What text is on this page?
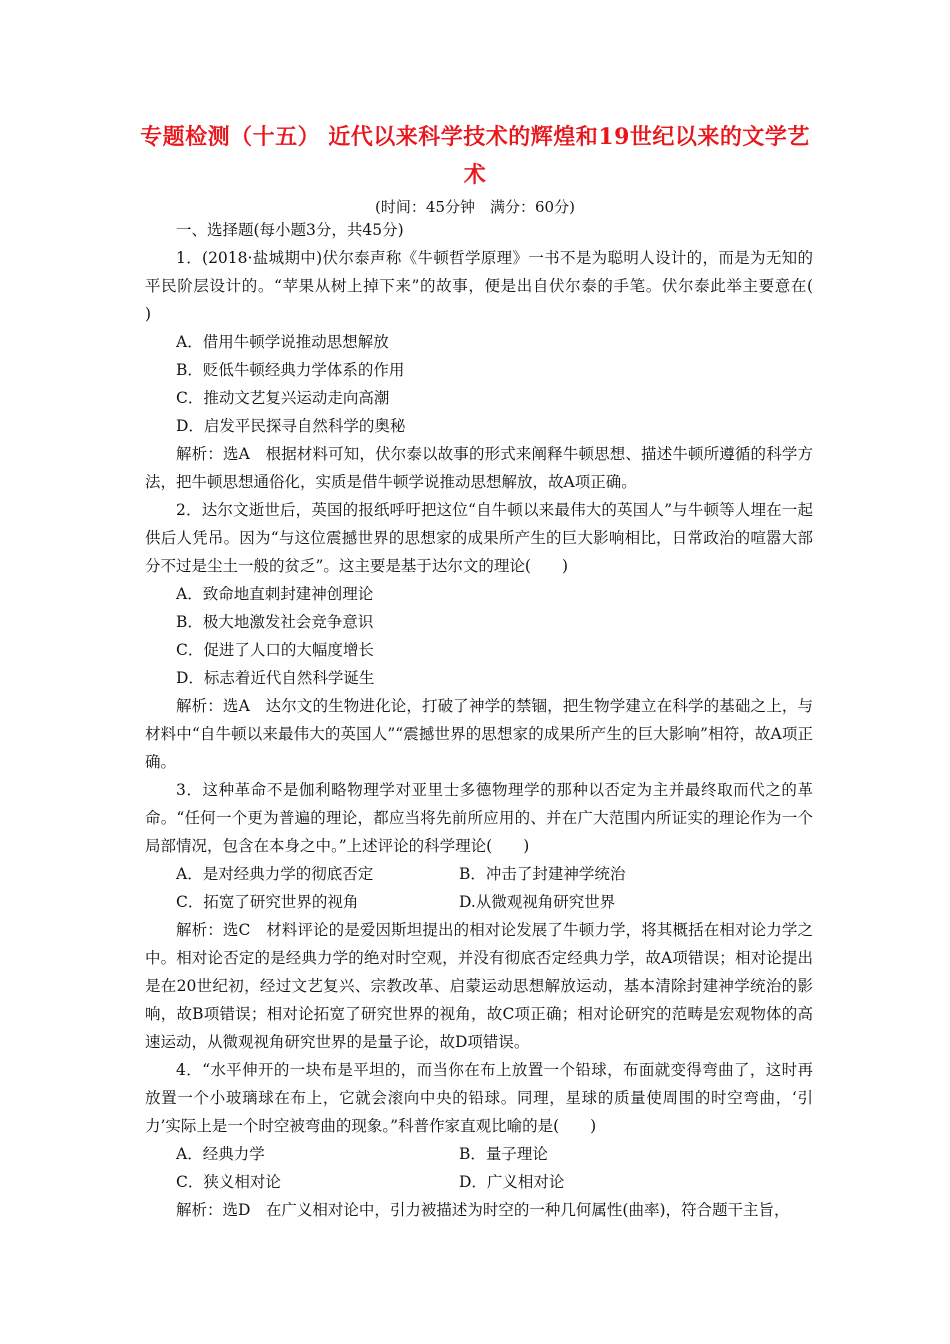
专题检测（十五） 近代以来科学技术的辉煌和19世纪以来的文学艺术
(时间：45分钟　满分：60分)

一、选择题(每小题3分，共45分)

1．(2018·盐城期中)伏尔泰声称《牛顿哲学原理》一书不是为聪明人设计的，而是为无知的平民阶层设计的。“苹果从树上掉下来”的故事，便是出自伏尔泰的手笔。伏尔泰此举主要意在(　　)

A．借用牛顿学说推动思想解放

B．贬低牛顿经典力学体系的作用

C．推动文艺复兴运动走向高潮

D．启发平民探寻自然科学的奥秘

解析：选A　根据材料可知，伏尔泰以故事的形式来阐释牛顿思想、描述牛顿所遵循的科学方法，把牛顿思想通俗化，实质是借牛顿学说推动思想解放，故A项正确。

2．达尔文逝世后，英国的报纸呼吁把这位“自牛顿以来最伟大的英国人”与牛顿等人埋在一起供后人凭吊。因为“与这位震撼世界的思想家的成果所产生的巨大影响相比，日常政治的喧嚣大部分不过是尘土一般的贫乏”。这主要是基于达尔文的理论(　　)

A．致命地直刺封建神创理论

B．极大地激发社会竞争意识

C．促进了人口的大幅度增长

D．标志着近代自然科学诞生

解析：选A　达尔文的生物进化论，打破了神学的禁锢，把生物学建立在科学的基础之上，与材料中“自牛顿以来最伟大的英国人”“震撼世界的思想家的成果所产生的巨大影响”相符，故A项正确。

3．这种革命不是伽利略物理学对亚里士多德物理学的那种以否定为主并最终取而代之的革命。“任何一个更为普遍的理论，都应当将先前所应用的、并在广大范围内所证实的理论作为一个局部情况，包含在本身之中。”上述评论的科学理论(　　)

A．是对经典力学的彻底否定	B．冲击了封建神学统治
C．拓宽了研究世界的视角	D.从微观视角研究世界

解析：选C　材料评论的是爱因斯坦提出的相对论发展了牛顿力学，将其概括在相对论力学之中。相对论否定的是经典力学的绝对时空观，并没有彻底否定经典力学，故A项错误；相对论提出是在20世纪初，经过文艺复兴、宗教改革、启蒙运动思想解放运动，基本清除封建神学统治的影响，故B项错误；相对论拓宽了研究世界的视角，故C项正确；相对论研究的范畴是宏观物体的高速运动，从微观视角研究世界的是量子论，故D项错误。

4．“水平伸开的一块布是平坦的，而当你在布上放置一个铅球，布面就变得弯曲了，这时再放置一个小玻璃球在布上，它就会滚向中央的铅球。同理，星球的质量使周围的时空弯曲，‘引力’实际上是一个时空被弯曲的现象。”科普作家直观比喻的是(　　)

A．经典力学	B．量子理论
C．狭义相对论	D．广义相对论

解析：选D　在广义相对论中，引力被描述为时空的一种几何属性(曲率)，符合题干主旨，
